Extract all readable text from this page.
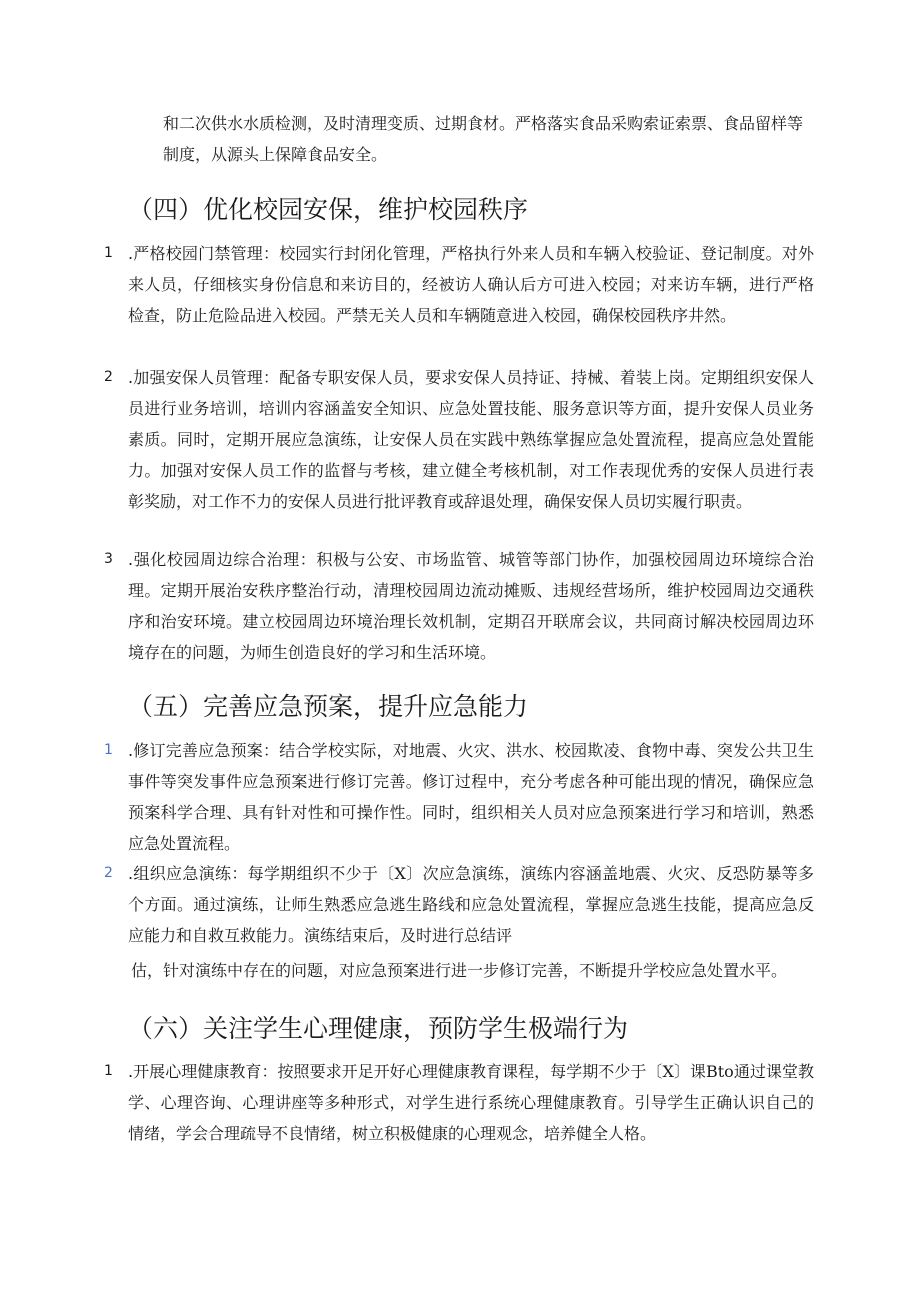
和二次供水水质检测，及时清理变质、过期食材。严格落实食品采购索证索票、食品留样等制度，从源头上保障食品安全。

（四）优化校园安保，维护校园秩序
1 .严格校园门禁管理：校园实行封闭化管理，严格执行外来人员和车辆入校验证、登记制度。对外来人员，仔细核实身份信息和来访目的，经被访人确认后方可进入校园；对来访车辆，进行严格检查，防止危险品进入校园。严禁无关人员和车辆随意进入校园，确保校园秩序井然。

2 .加强安保人员管理：配备专职安保人员，要求安保人员持证、持械、着装上岗。定期组织安保人员进行业务培训，培训内容涵盖安全知识、应急处置技能、服务意识等方面，提升安保人员业务素质。同时，定期开展应急演练，让安保人员在实践中熟练掌握应急处置流程，提高应急处置能力。加强对安保人员工作的监督与考核，建立健全考核机制，对工作表现优秀的安保人员进行表彰奖励，对工作不力的安保人员进行批评教育或辞退处理，确保安保人员切实履行职责。

3 .强化校园周边综合治理：积极与公安、市场监管、城管等部门协作，加强校园周边环境综合治理。定期开展治安秩序整治行动，清理校园周边流动摊贩、违规经营场所，维护校园周边交通秩序和治安环境。建立校园周边环境治理长效机制，定期召开联席会议，共同商讨解决校园周边环境存在的问题，为师生创造良好的学习和生活环境。

（五）完善应急预案，提升应急能力
1 .修订完善应急预案：结合学校实际，对地震、火灾、洪水、校园欺凌、食物中毒、突发公共卫生事件等突发事件应急预案进行修订完善。修订过程中，充分考虑各种可能出现的情况，确保应急预案科学合理、具有针对性和可操作性。同时，组织相关人员对应急预案进行学习和培训，熟悉应急处置流程。

2 .组织应急演练：每学期组织不少于〔X〕次应急演练，演练内容涵盖地震、火灾、反恐防暴等多个方面。通过演练，让师生熟悉应急逃生路线和应急处置流程，掌握应急逃生技能，提高应急反应能力和自救互救能力。演练结束后，及时进行总结评

估，针对演练中存在的问题，对应急预案进行进一步修订完善，不断提升学校应急处置水平。

（六）关注学生心理健康，预防学生极端行为
1 .开展心理健康教育：按照要求开足开好心理健康教育课程，每学期不少于〔X〕课Bto通过课堂教学、心理咨询、心理讲座等多种形式，对学生进行系统心理健康教育。引导学生正确认识自己的情绪，学会合理疏导不良情绪，树立积极健康的心理观念，培养健全人格。
